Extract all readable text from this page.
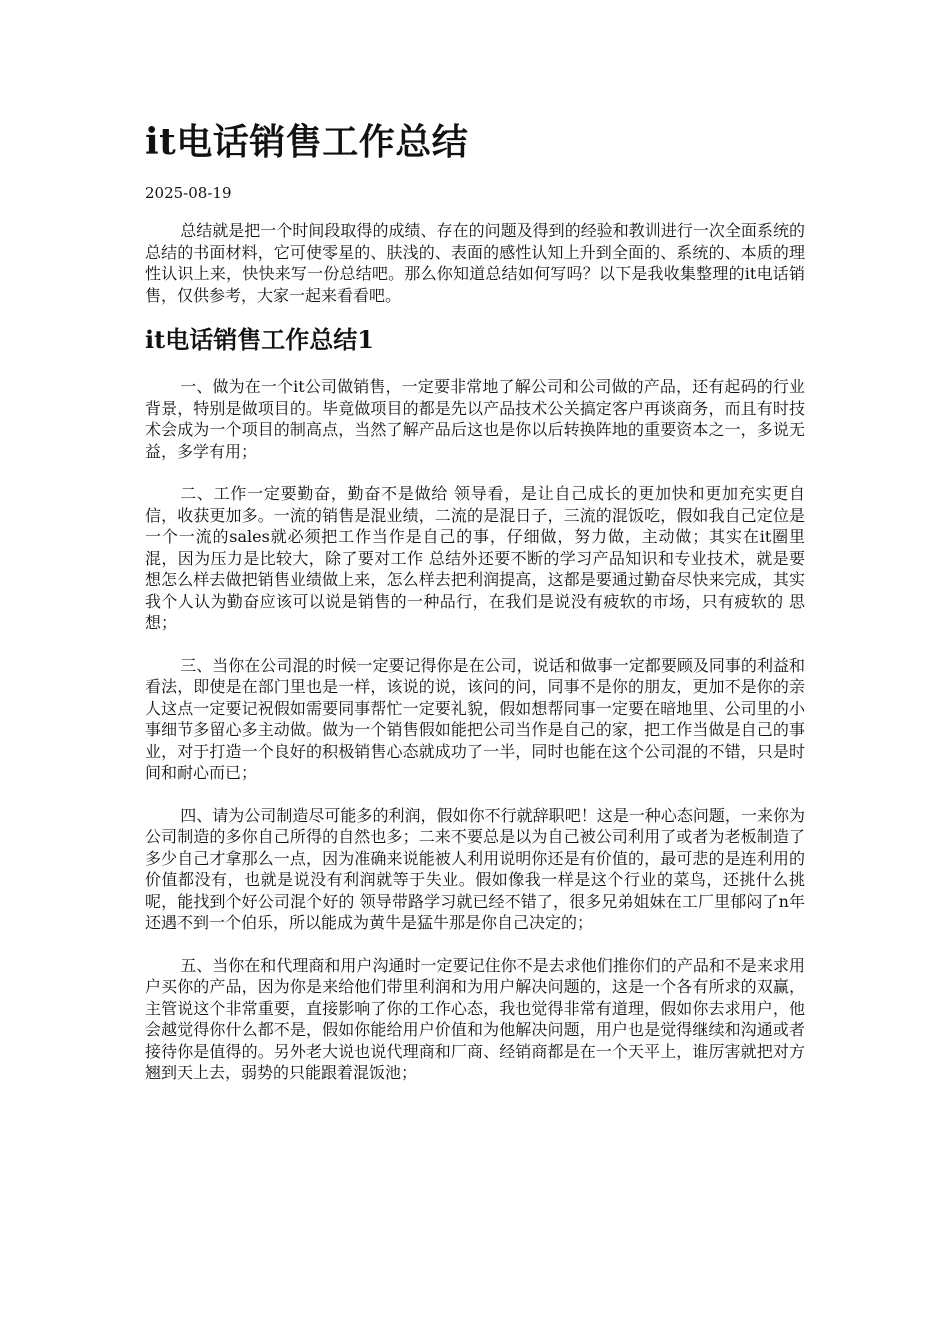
it电话销售工作总结
2025-08-19

总结就是把一个时间段取得的成绩、存在的问题及得到的经验和教训进行一次全面系统的总结的书面材料，它可使零星的、肤浅的、表面的感性认知上升到全面的、系统的、本质的理性认识上来，快快来写一份总结吧。那么你知道总结如何写吗？以下是我收集整理的it电话销售，仅供参考，大家一起来看看吧。

it电话销售工作总结1

一、做为在一个it公司做销售，一定要非常地了解公司和公司做的产品，还有起码的行业背景，特别是做项目的。毕竟做项目的都是先以产品技术公关搞定客户再谈商务，而且有时技术会成为一个项目的制高点，当然了解产品后这也是你以后转换阵地的重要资本之一，多说无益，多学有用；

二、工作一定要勤奋，勤奋不是做给 领导看，是让自己成长的更加快和更加充实更自信，收获更加多。一流的销售是混业绩，二流的是混日子，三流的混饭吃，假如我自己定位是一个一流的sales就必须把工作当作是自己的事，仔细做，努力做，主动做；其实在it圈里混，因为压力是比较大，除了要对工作 总结外还要不断的学习产品知识和专业技术，就是要想怎么样去做把销售业绩做上来，怎么样去把利润提高，这都是要通过勤奋尽快来完成，其实我个人认为勤奋应该可以说是销售的一种品行，在我们是说没有疲软的市场，只有疲软的 思想；

三、当你在公司混的时候一定要记得你是在公司，说话和做事一定都要顾及同事的利益和看法，即使是在部门里也是一样，该说的说，该问的问，同事不是你的朋友，更加不是你的亲人这点一定要记祝假如需要同事帮忙一定要礼貌，假如想帮同事一定要在暗地里、公司里的小事细节多留心多主动做。做为一个销售假如能把公司当作是自己的家，把工作当做是自己的事业，对于打造一个良好的积极销售心态就成功了一半，同时也能在这个公司混的不错，只是时间和耐心而已；

四、请为公司制造尽可能多的利润，假如你不行就辞职吧！这是一种心态问题，一来你为公司制造的多你自己所得的自然也多；二来不要总是以为自己被公司利用了或者为老板制造了多少自己才拿那么一点，因为准确来说能被人利用说明你还是有价值的，最可悲的是连利用的价值都没有，也就是说没有利润就等于失业。假如像我一样是这个行业的菜鸟，还挑什么挑呢，能找到个好公司混个好的 领导带路学习就已经不错了，很多兄弟姐妹在工厂里郁闷了n年还遇不到一个伯乐，所以能成为黄牛是猛牛那是你自己决定的；

五、当你在和代理商和用户沟通时一定要记住你不是去求他们推你们的产品和不是来求用户买你的产品，因为你是来给他们带里利润和为用户解决问题的，这是一个各有所求的双赢，主管说这个非常重要，直接影响了你的工作心态，我也觉得非常有道理，假如你去求用户，他会越觉得你什么都不是，假如你能给用户价值和为他解决问题，用户也是觉得继续和沟通或者接待你是值得的。另外老大说也说代理商和厂商、经销商都是在一个天平上，谁厉害就把对方翘到天上去，弱势的只能跟着混饭池；
